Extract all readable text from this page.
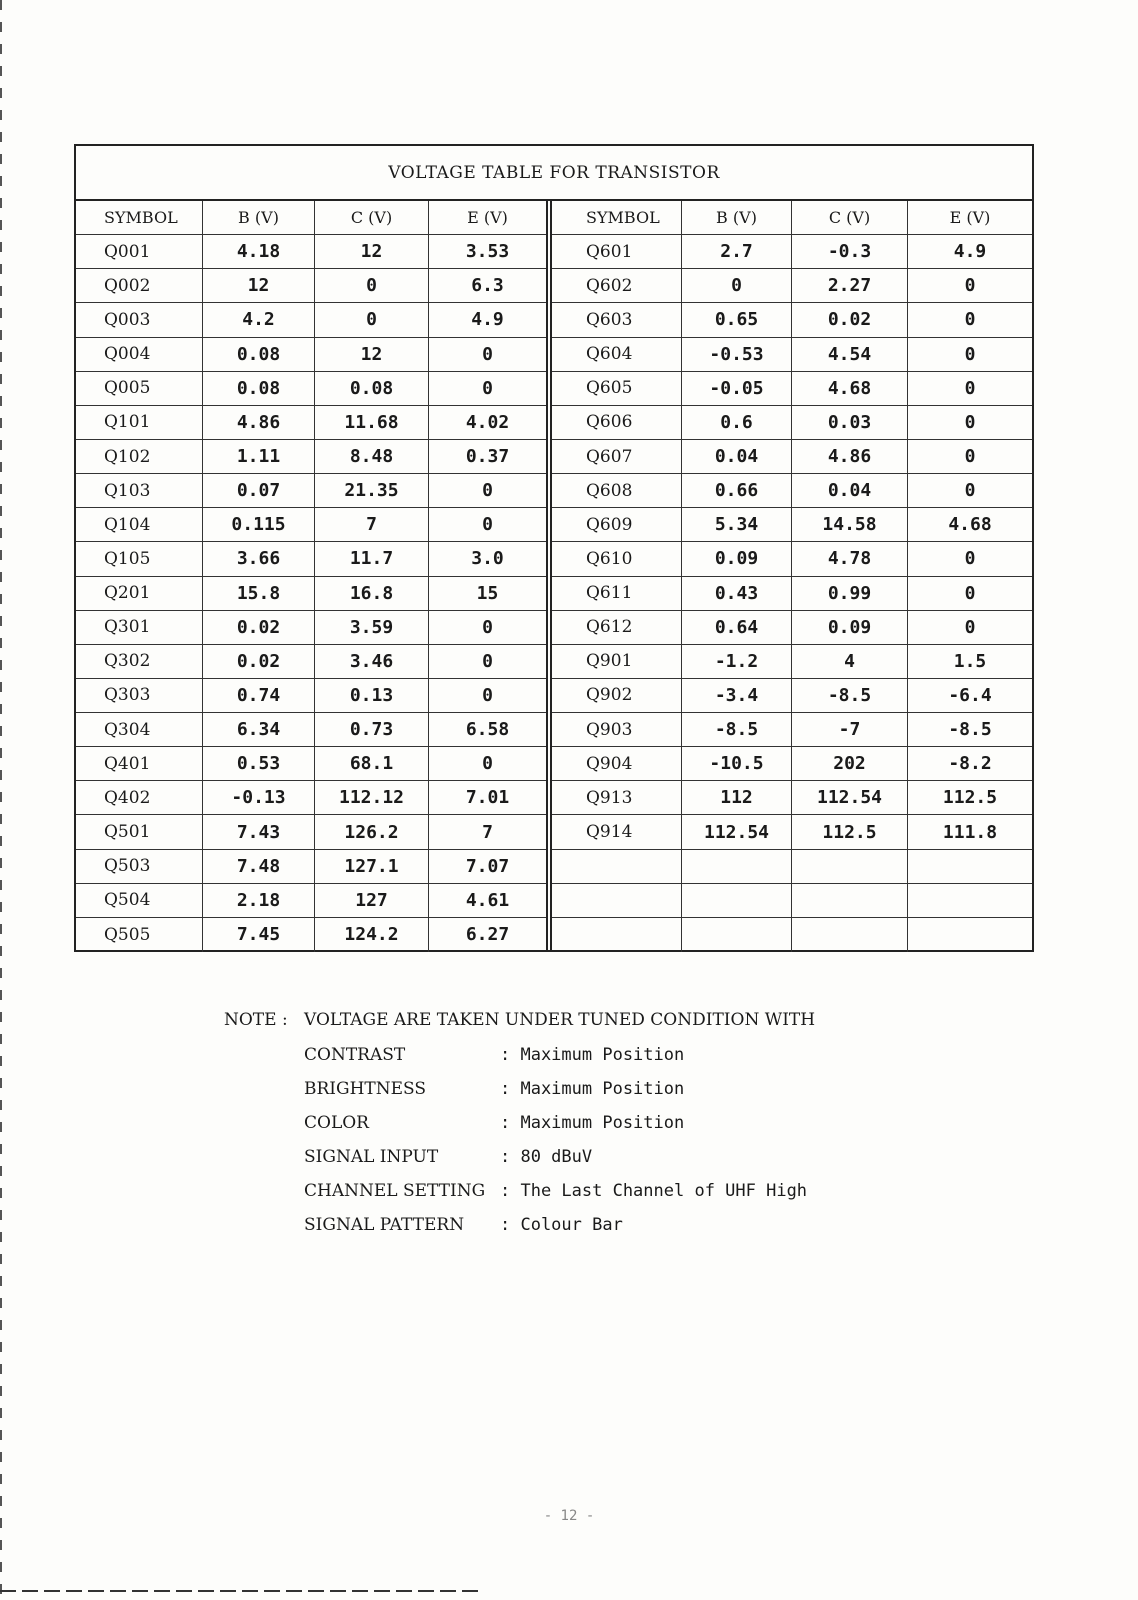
VOLTAGE TABLE FOR TRANSISTOR
SYMBOL	B (V)	C (V)	E (V)
Q001	4.18	12	3.53
Q002	12	0	6.3
Q003	4.2	0	4.9
Q004	0.08	12	0
Q005	0.08	0.08	0
Q101	4.86	11.68	4.02
Q102	1.11	8.48	0.37
Q103	0.07	21.35	0
Q104	0.115	7	0
Q105	3.66	11.7	3.0
Q201	15.8	16.8	15
Q301	0.02	3.59	0
Q302	0.02	3.46	0
Q303	0.74	0.13	0
Q304	6.34	0.73	6.58
Q401	0.53	68.1	0
Q402	-0.13	112.12	7.01
Q501	7.43	126.2	7
Q503	7.48	127.1	7.07
Q504	2.18	127	4.61
Q505	7.45	124.2	6.27
SYMBOL	B (V)	C (V)	E (V)
Q601	2.7	-0.3	4.9
Q602	0	2.27	0
Q603	0.65	0.02	0
Q604	-0.53	4.54	0
Q605	-0.05	4.68	0
Q606	0.6	0.03	0
Q607	0.04	4.86	0
Q608	0.66	0.04	0
Q609	5.34	14.58	4.68
Q610	0.09	4.78	0
Q611	0.43	0.99	0
Q612	0.64	0.09	0
Q901	-1.2	4	1.5
Q902	-3.4	-8.5	-6.4
Q903	-8.5	-7	-8.5
Q904	-10.5	202	-8.2
Q913	112	112.54	112.5
Q914	112.54	112.5	111.8
NOTE : VOLTAGE ARE TAKEN UNDER TUNED CONDITION WITH
CONTRAST	: Maximum Position
BRIGHTNESS	: Maximum Position
COLOR	: Maximum Position
SIGNAL INPUT	: 80 dBuV
CHANNEL SETTING : The Last Channel of UHF High
SIGNAL PATTERN	: Colour Bar
- 12 -
